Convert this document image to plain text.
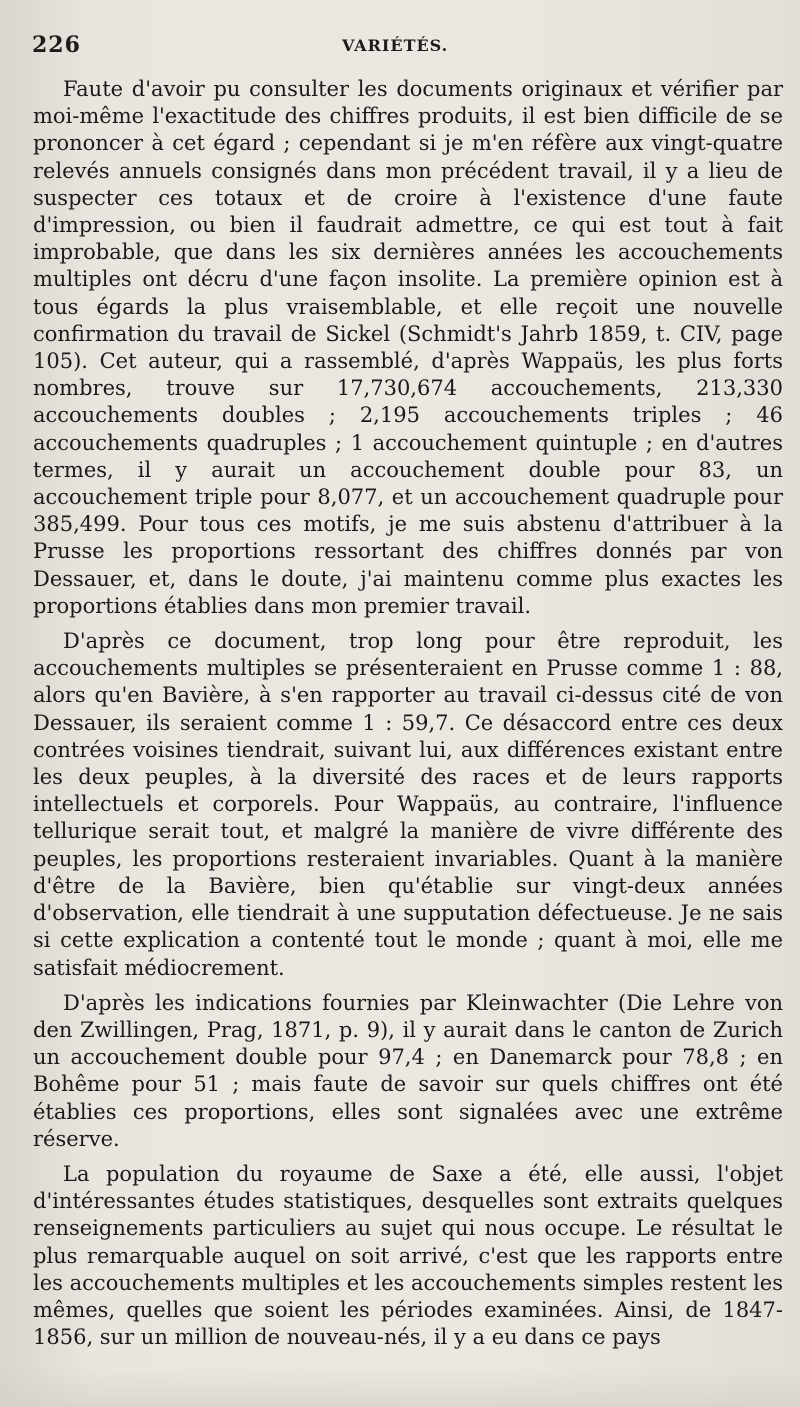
226	VARIÉTÉS.

Faute d'avoir pu consulter les documents originaux et vérifier par moi-même l'exactitude des chiffres produits, il est bien difficile de se prononcer à cet égard ; cependant si je m'en réfère aux vingt-quatre relevés annuels consignés dans mon précédent travail, il y a lieu de suspecter ces totaux et de croire à l'existence d'une faute d'impression, ou bien il faudrait admettre, ce qui est tout à fait improbable, que dans les six dernières années les accouchements multiples ont décru d'une façon insolite. La première opinion est à tous égards la plus vraisemblable, et elle reçoit une nouvelle confirmation du travail de Sickel (Schmidt's Jahrb 1859, t. CIV, page 105). Cet auteur, qui a rassemblé, d'après Wappaüs, les plus forts nombres, trouve sur 17,730,674 accouchements, 213,330 accouchements doubles ; 2,195 accouchements triples ; 46 accouchements quadruples ; 1 accouchement quintuple ; en d'autres termes, il y aurait un accouchement double pour 83, un accouchement triple pour 8,077, et un accouchement quadruple pour 385,499. Pour tous ces motifs, je me suis abstenu d'attribuer à la Prusse les proportions ressortant des chiffres donnés par von Dessauer, et, dans le doute, j'ai maintenu comme plus exactes les proportions établies dans mon premier travail.

D'après ce document, trop long pour être reproduit, les accouchements multiples se présenteraient en Prusse comme 1 : 88, alors qu'en Bavière, à s'en rapporter au travail ci-dessus cité de von Dessauer, ils seraient comme 1 : 59,7. Ce désaccord entre ces deux contrées voisines tiendrait, suivant lui, aux différences existant entre les deux peuples, à la diversité des races et de leurs rapports intellectuels et corporels. Pour Wappaüs, au contraire, l'influence tellurique serait tout, et malgré la manière de vivre différente des peuples, les proportions resteraient invariables. Quant à la manière d'être de la Bavière, bien qu'établie sur vingt-deux années d'observation, elle tiendrait à une supputation défectueuse. Je ne sais si cette explication a contenté tout le monde ; quant à moi, elle me satisfait médiocrement.

D'après les indications fournies par Kleinwachter (Die Lehre von den Zwillingen, Prag, 1871, p. 9), il y aurait dans le canton de Zurich un accouchement double pour 97,4 ; en Danemarck pour 78,8 ; en Bohême pour 51 ; mais faute de savoir sur quels chiffres ont été établies ces proportions, elles sont signalées avec une extrême réserve.

La population du royaume de Saxe a été, elle aussi, l'objet d'intéressantes études statistiques, desquelles sont extraits quelques renseignements particuliers au sujet qui nous occupe. Le résultat le plus remarquable auquel on soit arrivé, c'est que les rapports entre les accouchements multiples et les accouchements simples restent les mêmes, quelles que soient les périodes examinées. Ainsi, de 1847-1856, sur un million de nouveau-nés, il y a eu dans ce pays
